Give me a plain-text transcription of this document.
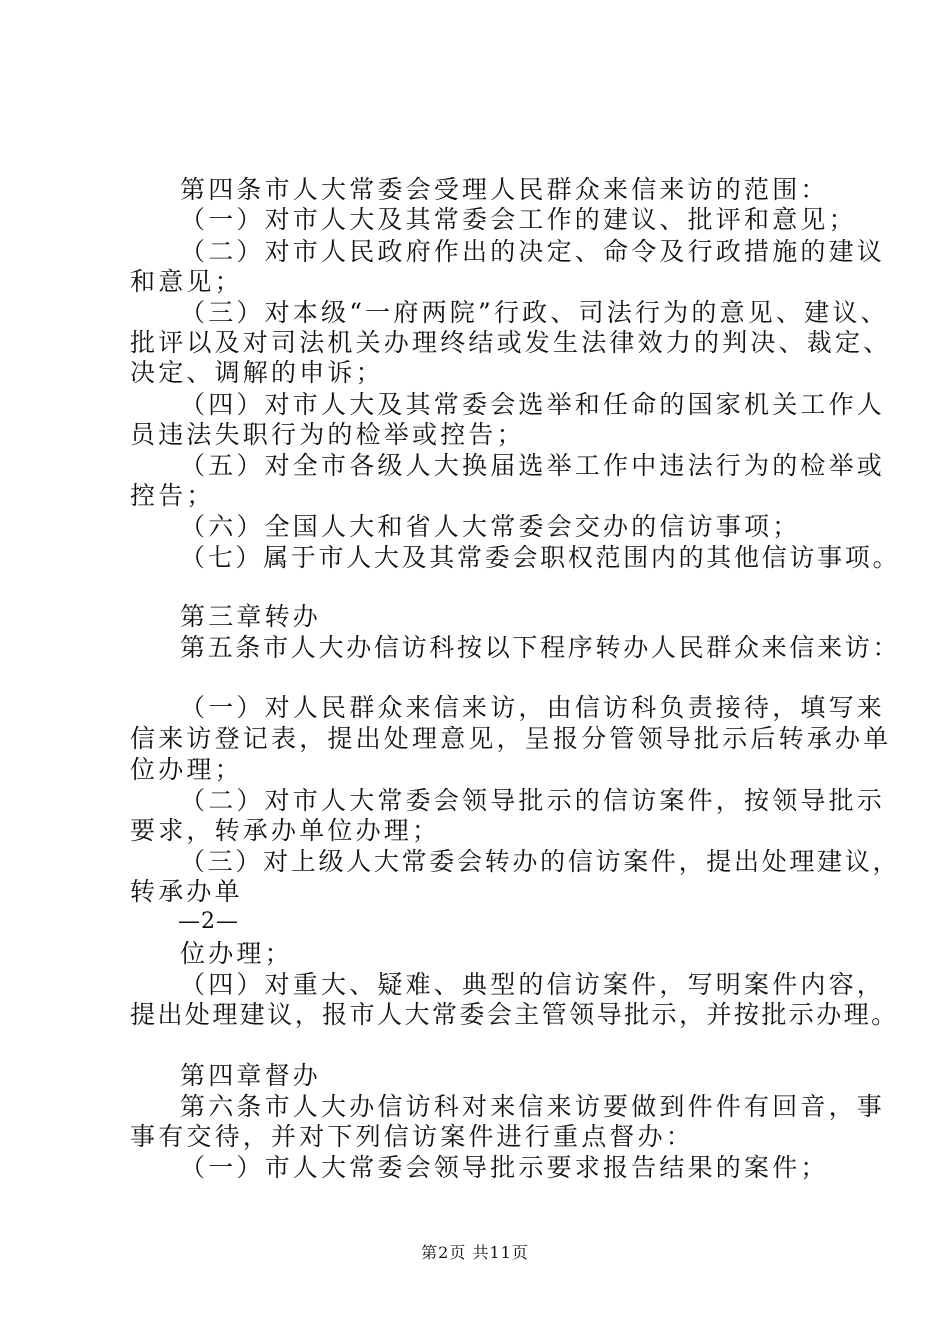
第四条市人大常委会受理人民群众来信来访的范围：
（一）对市人大及其常委会工作的建议、批评和意见；
（二）对市人民政府作出的决定、命令及行政措施的建议
和意见；
（三）对本级“一府两院”行政、司法行为的意见、建议、
批评以及对司法机关办理终结或发生法律效力的判决、裁定、
决定、调解的申诉；
（四）对市人大及其常委会选举和任命的国家机关工作人
员违法失职行为的检举或控告；
（五）对全市各级人大换届选举工作中违法行为的检举或
控告；
（六）全国人大和省人大常委会交办的信访事项；
（七）属于市人大及其常委会职权范围内的其他信访事项。
第三章转办
第五条市人大办信访科按以下程序转办人民群众来信来访：
（一）对人民群众来信来访，由信访科负责接待，填写来
信来访登记表，提出处理意见，呈报分管领导批示后转承办单
位办理；
（二）对市人大常委会领导批示的信访案件，按领导批示
要求，转承办单位办理；
（三）对上级人大常委会转办的信访案件，提出处理建议，
转承办单
—2—
位办理；
（四）对重大、疑难、典型的信访案件，写明案件内容，
提出处理建议，报市人大常委会主管领导批示，并按批示办理。
第四章督办
第六条市人大办信访科对来信来访要做到件件有回音，事
事有交待，并对下列信访案件进行重点督办：
（一）市人大常委会领导批示要求报告结果的案件；
第2页 共11页
